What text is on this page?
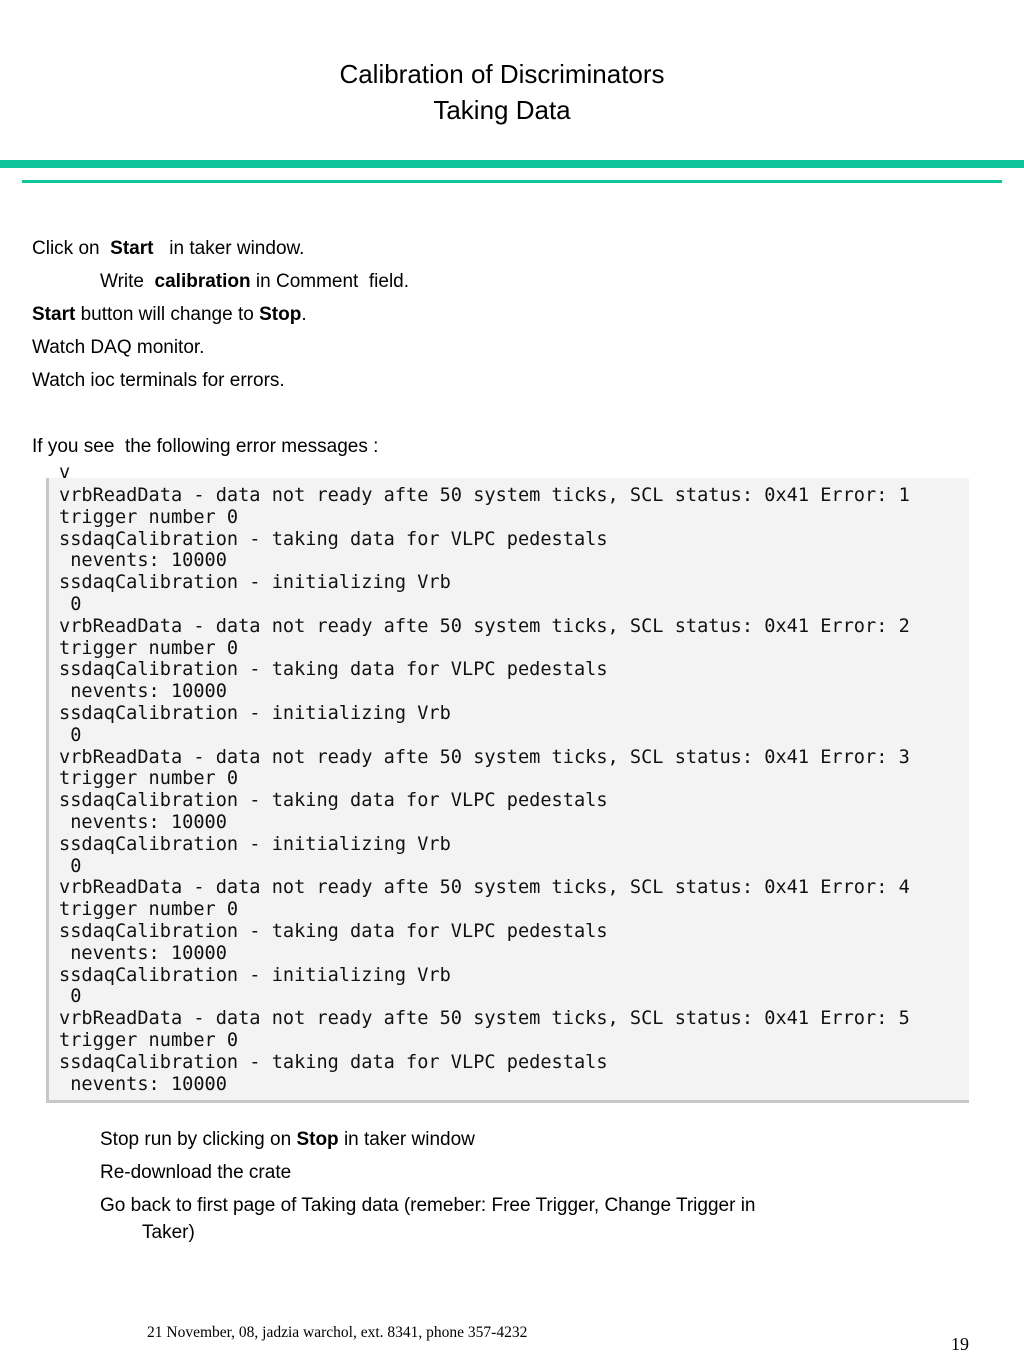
Calibration of Discriminators
Taking Data
Click on Start in taker window.
Write calibration in Comment  field.
Start button will change to Stop.
Watch DAQ monitor.
Watch ioc terminals for errors.
If you see  the following error messages :
v
vrbReadData - data not ready afte 50 system ticks, SCL status: 0x41 Error: 1
trigger number 0
ssdaqCalibration - taking data for VLPC pedestals
nevents: 10000
ssdaqCalibration - initializing Vrb
0
vrbReadData - data not ready afte 50 system ticks, SCL status: 0x41 Error: 2
trigger number 0
ssdaqCalibration - taking data for VLPC pedestals
nevents: 10000
ssdaqCalibration - initializing Vrb
0
vrbReadData - data not ready afte 50 system ticks, SCL status: 0x41 Error: 3
trigger number 0
ssdaqCalibration - taking data for VLPC pedestals
nevents: 10000
ssdaqCalibration - initializing Vrb
0
vrbReadData - data not ready afte 50 system ticks, SCL status: 0x41 Error: 4
trigger number 0
ssdaqCalibration - taking data for VLPC pedestals
nevents: 10000
ssdaqCalibration - initializing Vrb
0
vrbReadData - data not ready afte 50 system ticks, SCL status: 0x41 Error: 5
trigger number 0
ssdaqCalibration - taking data for VLPC pedestals
nevents: 10000
Stop run by clicking on Stop in taker window
Re-download the crate
Go back to first page of Taking data (remeber: Free Trigger, Change Trigger in
Taker)
21 November, 08, jadzia warchol, ext. 8341, phone 357-4232
19
